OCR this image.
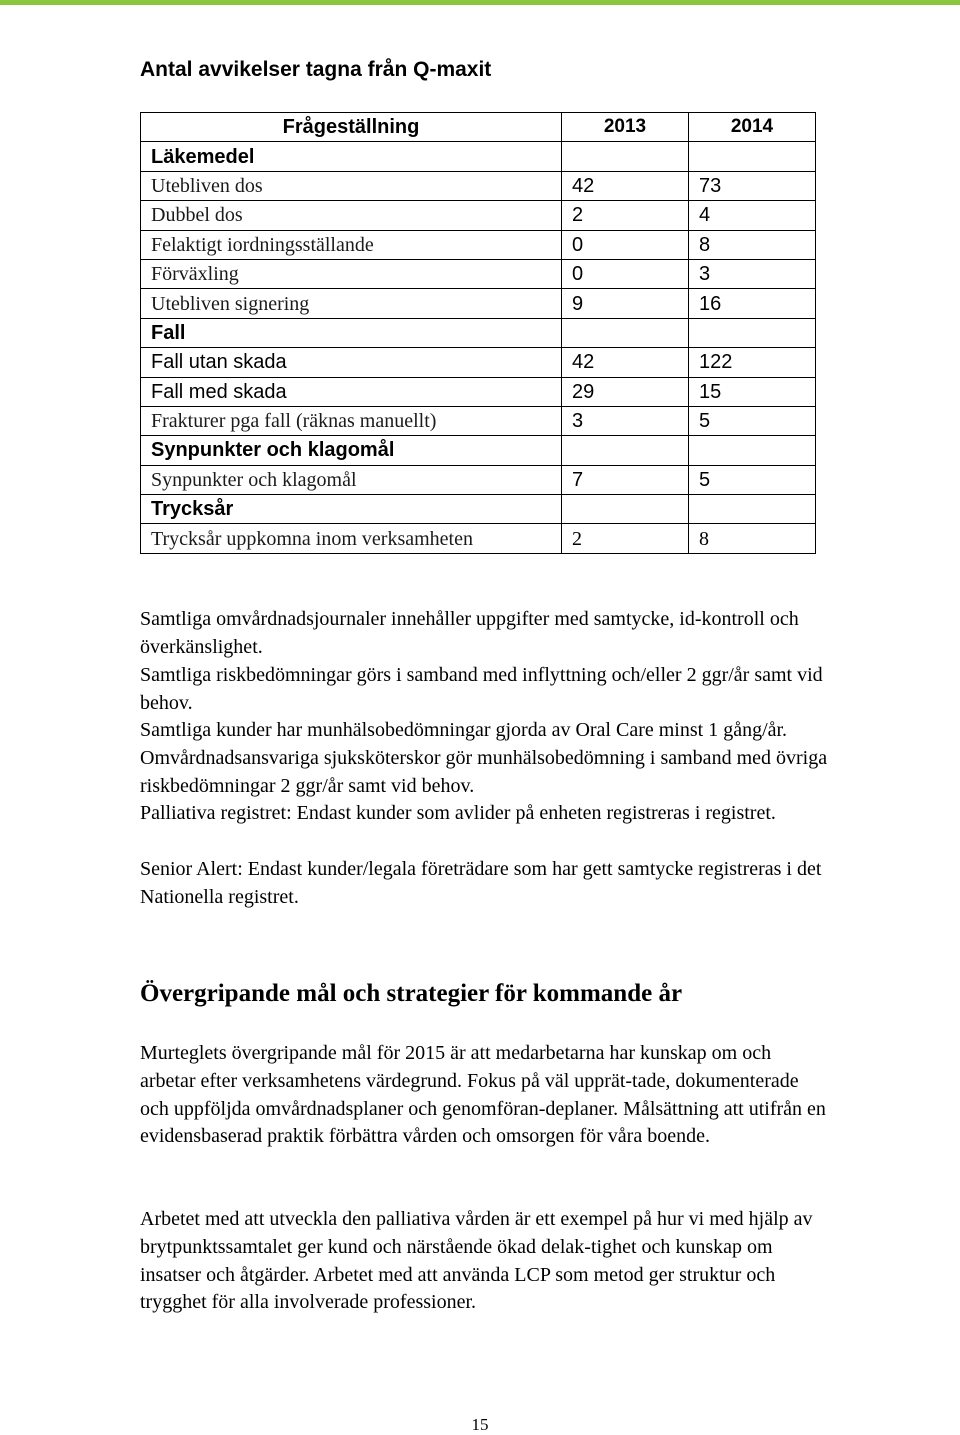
Antal avvikelser tagna från Q-maxit
Frågeställning	2013	2014
Läkemedel		
Utebliven dos	42	73
Dubbel dos	2	4
Felaktigt iordningsställande	0	8
Förväxling	0	3
Utebliven signering	9	16
Fall		
Fall utan skada	42	122
Fall med skada	29	15
Frakturer pga fall (räknas manuellt)	3	5
Synpunkter och klagomål		
Synpunkter och klagomål	7	5
Trycksår		
Trycksår uppkomna inom verksamheten	2	8

Samtliga omvårdnadsjournaler innehåller uppgifter med samtycke, id-kontroll och överkänslighet.

Samtliga riskbedömningar görs i samband med inflyttning och/eller 2 ggr/år samt vid behov.

Samtliga kunder har munhälsobedömningar gjorda av Oral Care minst 1 gång/år. Omvårdnadsansvariga sjuksköterskor gör munhälsobedömning i samband med övriga riskbedömningar 2 ggr/år samt vid behov.

Palliativa registret: Endast kunder som avlider på enheten registreras i registret.

Senior Alert: Endast kunder/legala företrädare som har gett samtycke registreras i det Nationella registret.

Övergripande mål och strategier för kommande år

Murteglets övergripande mål för 2015 är att medarbetarna har kunskap om och arbetar efter verksamhetens värdegrund. Fokus på väl upprät-tade, dokumenterade och uppföljda omvårdnadsplaner och genomföran-deplaner. Målsättning att utifrån en evidensbaserad praktik förbättra vården och omsorgen för våra boende.

Arbetet med att utveckla den palliativa vården är ett exempel på hur vi med hjälp av brytpunktssamtalet ger kund och närstående ökad delak-tighet och kunskap om insatser och åtgärder. Arbetet med att använda LCP som metod ger struktur och trygghet för alla involverade professioner.

15
